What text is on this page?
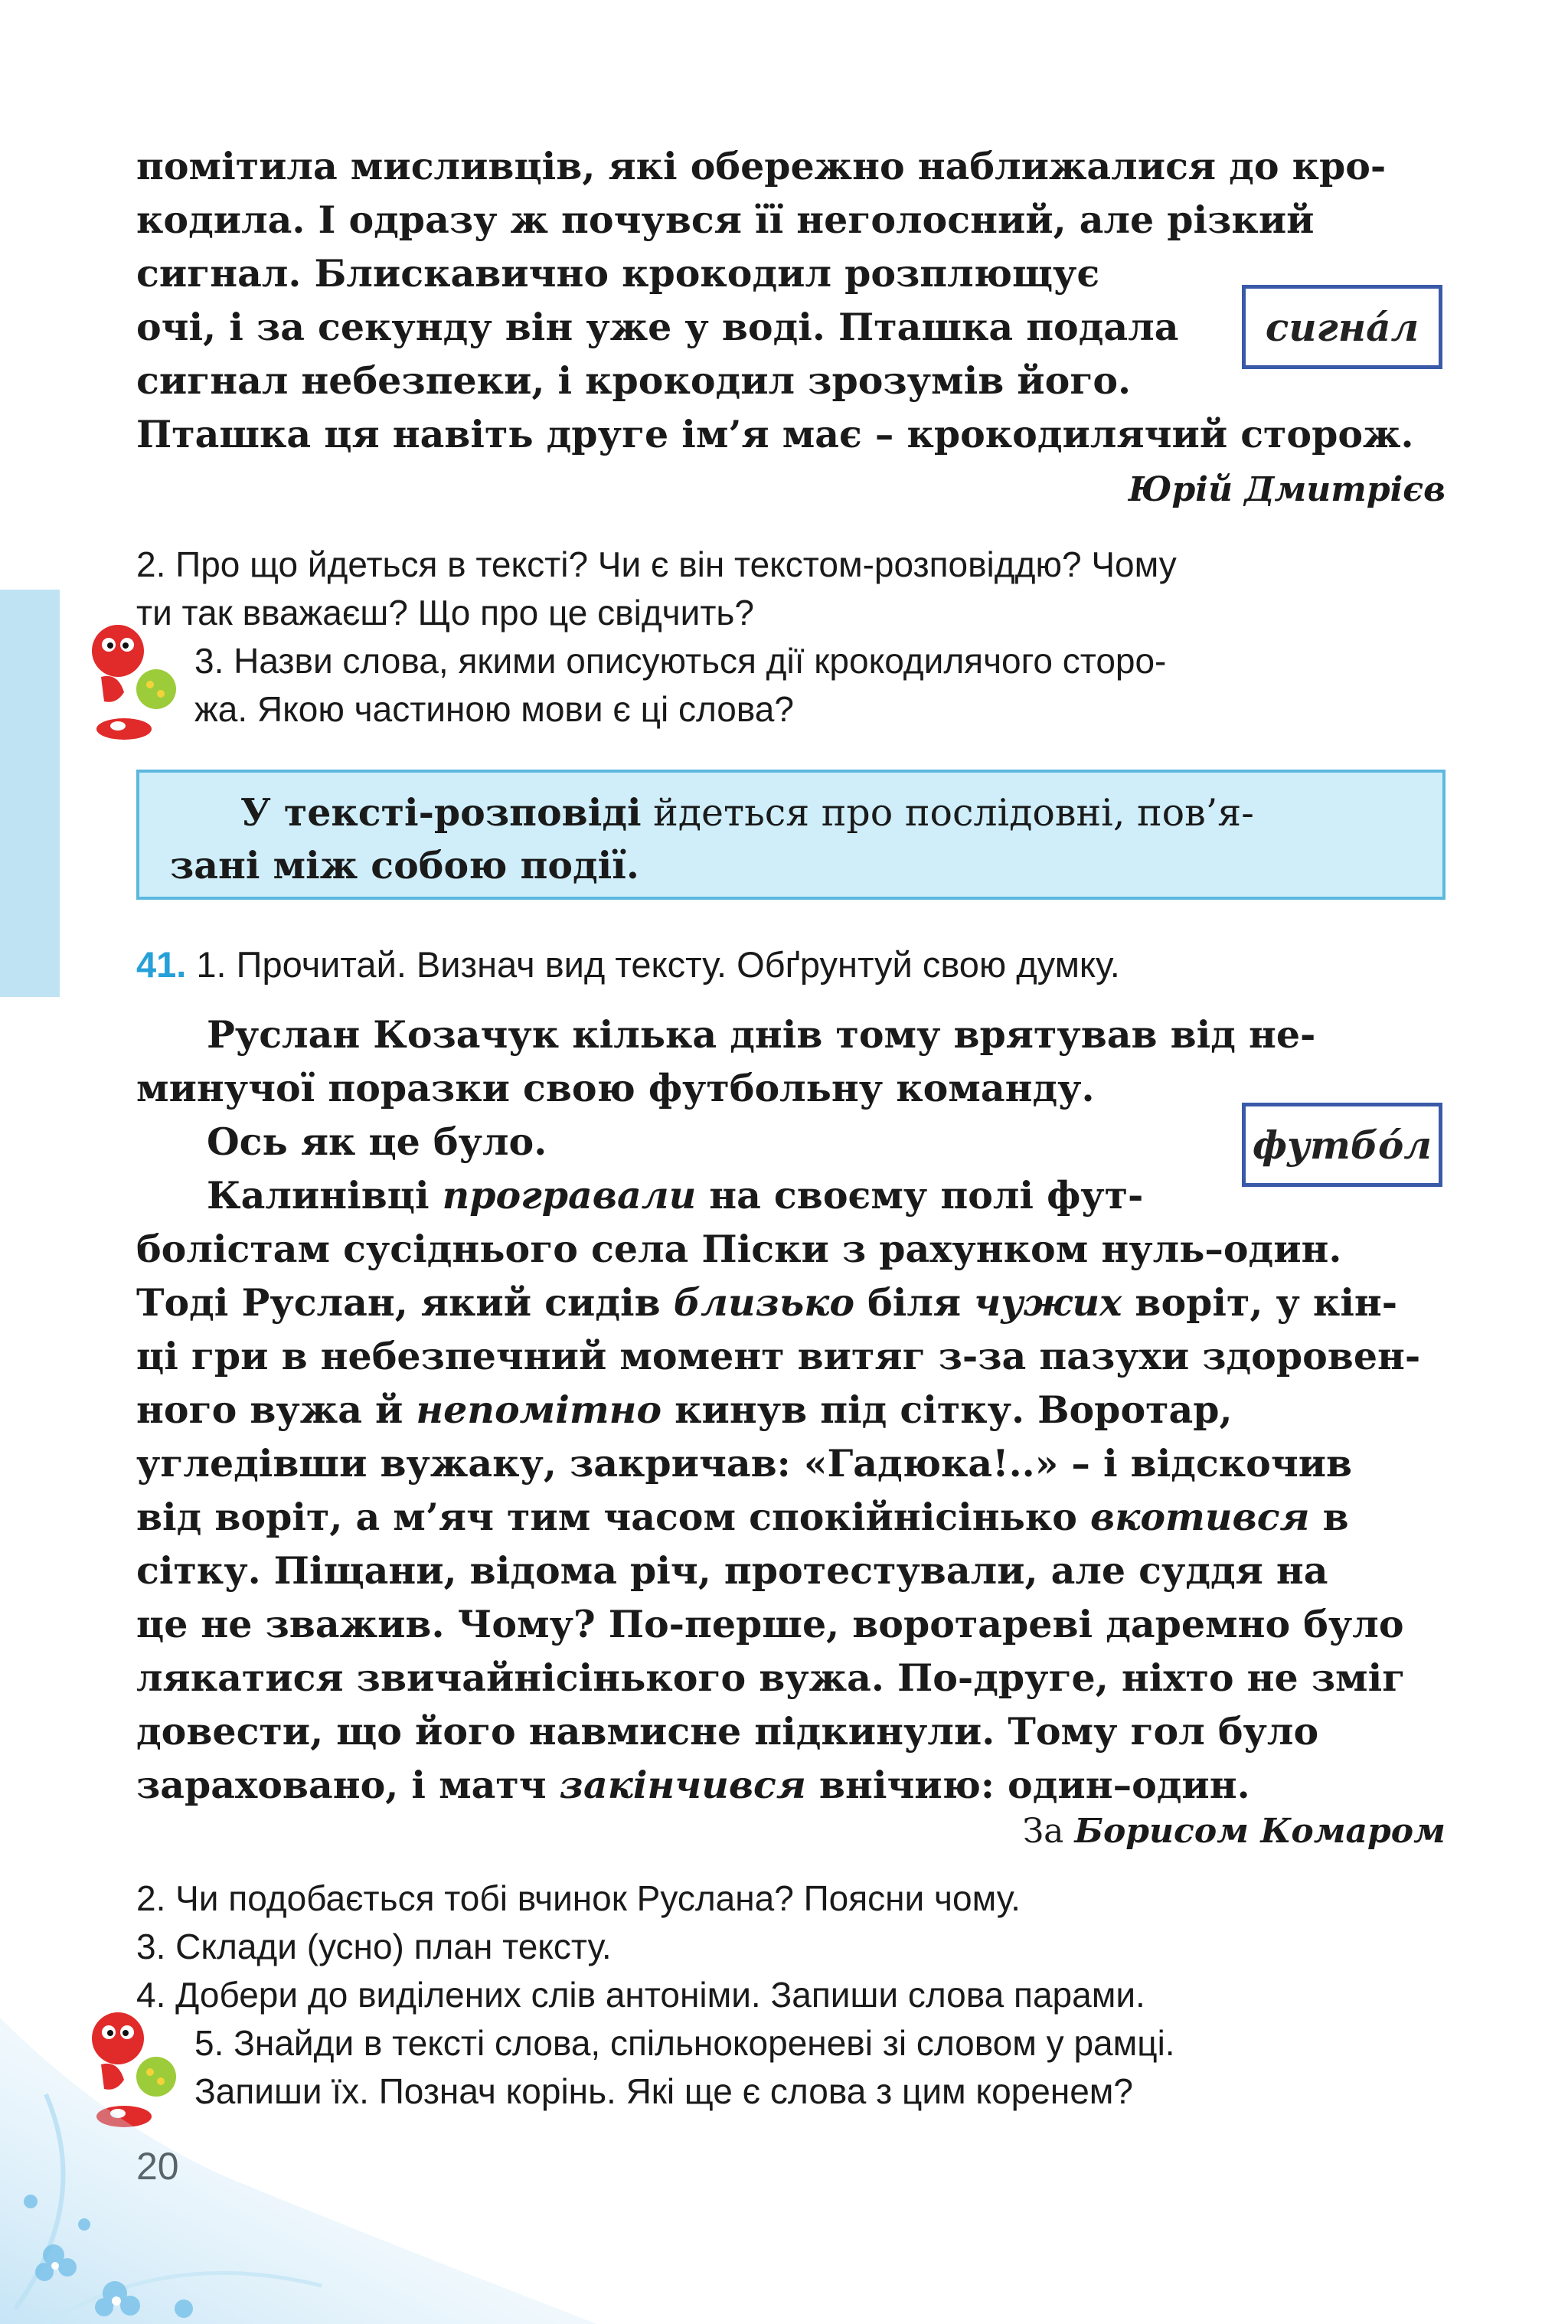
помітила мисливців, які обережно наближалися до кро-

кодила. І одразу ж почувся її неголосний, але різкий

сигнал. Блискавично крокодил розплющує

очі, і за секунду він уже у воді. Пташка подала

сигнал небезпеки, і крокодил зрозумів його.

Пташка ця навіть друге ім’я має – крокодилячий сторож.

сигнáл
Юрій Дмитрієв

2. Про що йдеться в тексті? Чи є він текстом-розповіддю? Чому

ти так вважаєш? Що про це свідчить?

3. Назви слова, якими описуються дії крокодилячого сторо-

жа. Якою частиною мови є ці слова?

У тексті-розповіді йдеться про послідовні, пов’я-

зані між собою події.

41. 1. Прочитай. Визнач вид тексту. Обґрунтуй свою думку.

Руслан Козачук кілька днів тому врятував від не-

минучої поразки свою футбольну команду.

Ось як це було.

Калинівці програвали на своєму полі фут-

болістам сусіднього села Піски з рахунком нуль–один.

Тоді Руслан, який сидів близько біля чужих воріт, у кін-

ці гри в небезпечний момент витяг з-за пазухи здоровен-

ного вужа й непомітно кинув під сітку. Воротар,

угледівши вужаку, закричав: «Гадюка!..» – і відскочив

від воріт, а м’яч тим часом спокійнісінько вкотився в

сітку. Піщани, відома річ, протестували, але суддя на

це не зважив. Чому? По-перше, воротареві даремно було

лякатися звичайнісінького вужа. По-друге, ніхто не зміг

довести, що його навмисне підкинули. Тому гол було

зараховано, і матч закінчився внічию: один–один.

футбóл
За Борисом Комаром

2. Чи подобається тобі вчинок Руслана? Поясни чому.

3. Склади (усно) план тексту.

4. Добери до виділених слів антоніми. Запиши слова парами.

5. Знайди в тексті слова, спільнокореневі зі словом у рамці.

Запиши їх. Познач корінь. Які ще є слова з цим коренем?
